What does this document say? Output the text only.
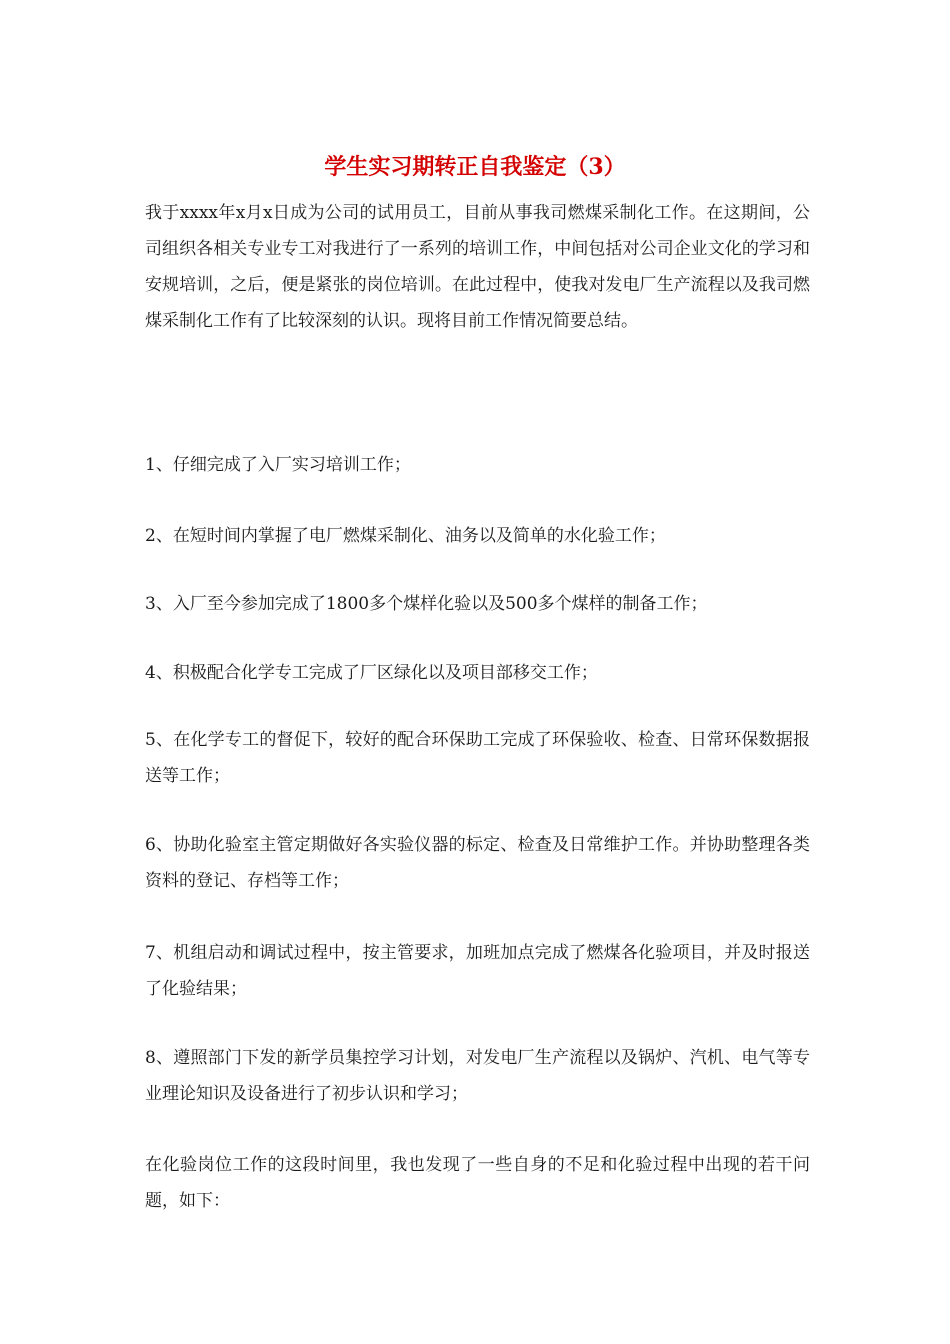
学生实习期转正自我鉴定（3）

我于xxxx年x月x日成为公司的试用员工，目前从事我司燃煤采制化工作。在这期间，公司组织各相关专业专工对我进行了一系列的培训工作，中间包括对公司企业文化的学习和安规培训，之后，便是紧张的岗位培训。在此过程中，使我对发电厂生产流程以及我司燃煤采制化工作有了比较深刻的认识。现将目前工作情况简要总结。

1、仔细完成了入厂实习培训工作；

2、在短时间内掌握了电厂燃煤采制化、油务以及简单的水化验工作；

3、入厂至今参加完成了1800多个煤样化验以及500多个煤样的制备工作；

4、积极配合化学专工完成了厂区绿化以及项目部移交工作；

5、在化学专工的督促下，较好的配合环保助工完成了环保验收、检查、日常环保数据报送等工作；

6、协助化验室主管定期做好各实验仪器的标定、检查及日常维护工作。并协助整理各类资料的登记、存档等工作；

7、机组启动和调试过程中，按主管要求，加班加点完成了燃煤各化验项目，并及时报送了化验结果；

8、遵照部门下发的新学员集控学习计划，对发电厂生产流程以及锅炉、汽机、电气等专业理论知识及设备进行了初步认识和学习；

在化验岗位工作的这段时间里，我也发现了一些自身的不足和化验过程中出现的若干问题，如下：
